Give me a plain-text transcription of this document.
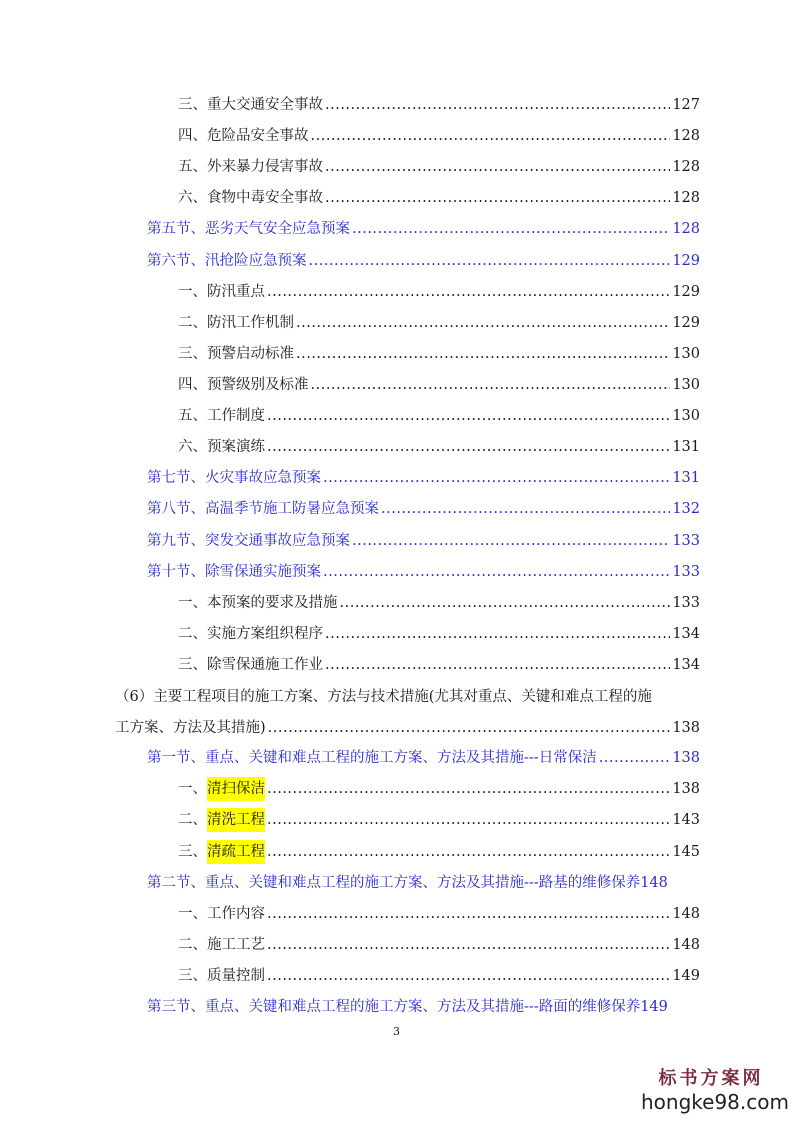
三、 重大交通安全事故 .....	127
四、 危险品安全事故 .....	128
五、 外来暴力侵害事故 .....	128
六、 食物中毒安全事故 .....	128
第五节、恶劣天气安全应急预案 .....	128
第六节、汛抢险应急预案 .....	129
一、 防汛重点 .....	129
二、 防汛工作机制 .....	129
三、 预警启动标准 .....	130
四、 预警级别及标准 .....	130
五、 工作制度 .....	130
六、 预案演练 .....	131
第七节、火灾事故应急预案 .....	131
第八节、高温季节施工防暑应急预案 .....	132
第九节、突发交通事故应急预案 .....	133
第十节、除雪保通实施预案 .....	133
一、 本预案的要求及措施 .....	133
二、 实施方案组织程序 .....	134
三、 除雪保通施工作业 .....	134
（6）主要工程项目的施工方案、方法与技术措施(尤其对重点、关键和难点工程的施
工方案、方法及其措施) .....	138
第一节、重点、关键和难点工程的施工方案、方法及其措施---日常保洁 .....	138
一、 清扫保洁 .....	138
二、 清洗工程 .....	143
三、 清疏工程 .....	145
第二节、重点、关键和难点工程的施工方案、方法及其措施---路基的维修保养 148
一、 工作内容 .....	148
二、 施工工艺 .....	148
三、 质量控制 .....	149
第三节、重点、关键和难点工程的施工方案、方法及其措施---路面的维修保养 149
3
标书方案网
hongke98.com
